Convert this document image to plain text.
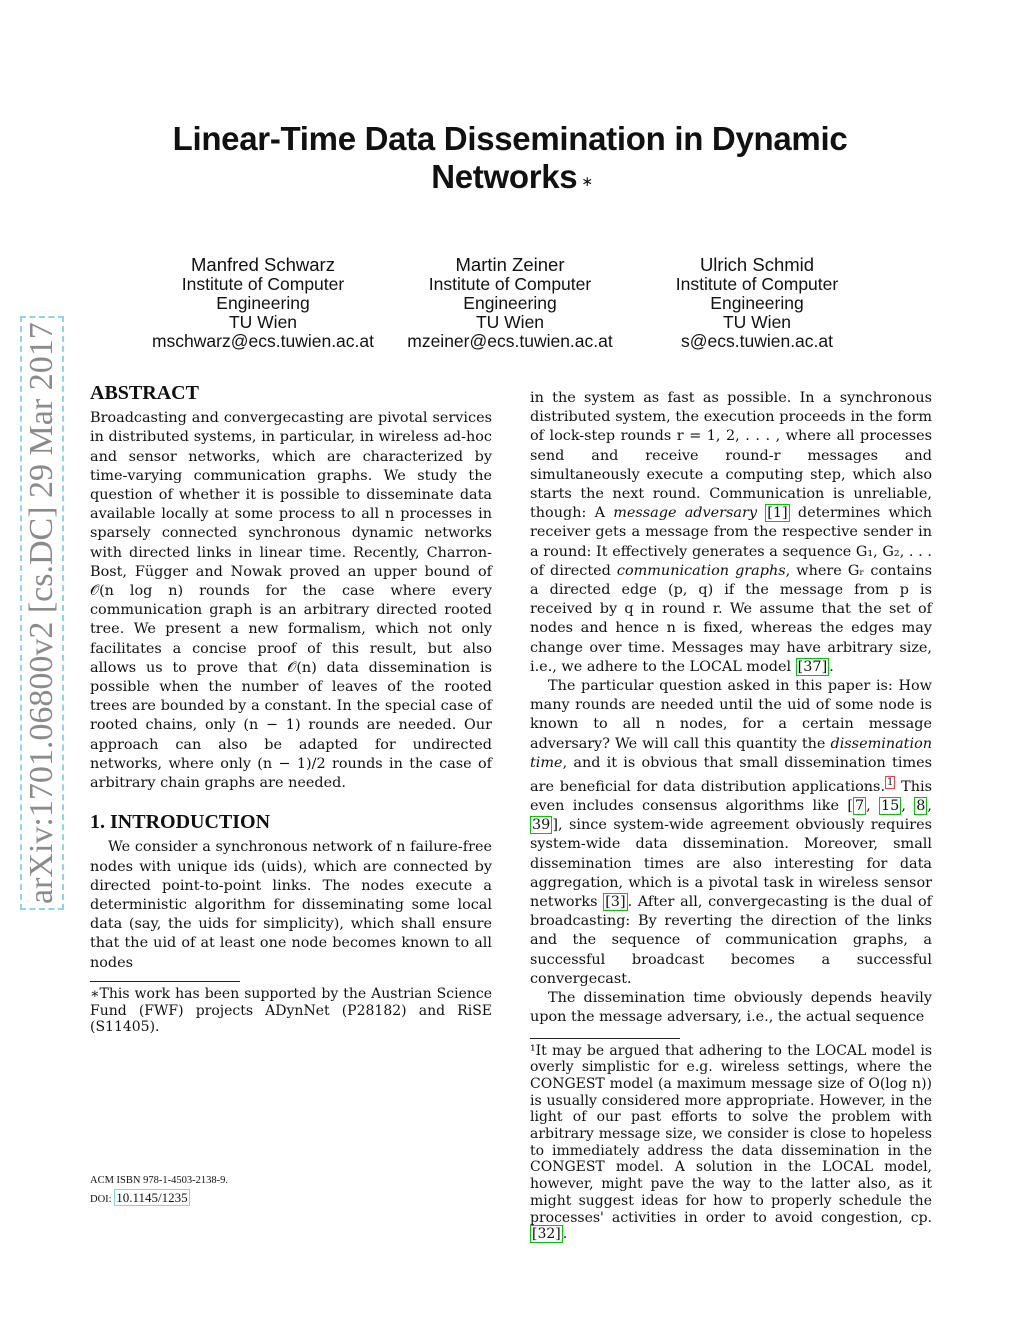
Linear-Time Data Dissemination in Dynamic
Networks ∗
Manfred Schwarz
Institute of Computer
Engineering
TU Wien
mschwarz@ecs.tuwien.ac.at
Martin Zeiner
Institute of Computer
Engineering
TU Wien
mzeiner@ecs.tuwien.ac.at
Ulrich Schmid
Institute of Computer
Engineering
TU Wien
s@ecs.tuwien.ac.at
arXiv:1701.06800v2 [cs.DC] 29 Mar 2017 ABSTRACT

Broadcasting and convergecasting are pivotal services in distributed systems, in particular, in wireless ad-hoc and sensor networks, which are characterized by time-varying communication graphs. We study the question of whether it is possible to disseminate data available locally at some process to all n processes in sparsely connected synchronous dynamic networks with directed links in linear time. Recently, Charron-Bost, Függer and Nowak proved an upper bound of 𝒪(n log n) rounds for the case where every communication graph is an arbitrary directed rooted tree. We present a new formalism, which not only facilitates a concise proof of this result, but also allows us to prove that 𝒪(n) data dissemination is possible when the number of leaves of the rooted trees are bounded by a constant. In the special case of rooted chains, only (n − 1) rounds are needed. Our approach can also be adapted for undirected networks, where only (n − 1)/2 rounds in the case of arbitrary chain graphs are needed.

1. INTRODUCTION

We consider a synchronous network of n failure-free nodes with unique ids (uids), which are connected by directed point-to-point links. The nodes execute a deterministic algorithm for disseminating some local data (say, the uids for simplicity), which shall ensure that the uid of at least one node becomes known to all nodes

∗This work has been supported by the Austrian Science Fund (FWF) projects ADynNet (P28182) and RiSE (S11405).

ACM ISBN 978-1-4503-2138-9.
DOI: 10.1145/1235

in the system as fast as possible. In a synchronous distributed system, the execution proceeds in the form of lock-step rounds r = 1, 2, . . . , where all processes send and receive round-r messages and simultaneously execute a computing step, which also starts the next round. Communication is unreliable, though: A message adversary [1] determines which receiver gets a message from the respective sender in a round: It effectively generates a sequence G₁, G₂, . . . of directed communication graphs, where Gᵣ contains a directed edge (p, q) if the message from p is received by q in round r. We assume that the set of nodes and hence n is fixed, whereas the edges may change over time. Messages may have arbitrary size, i.e., we adhere to the LOCAL model [37] .

The particular question asked in this paper is: How many rounds are needed until the uid of some node is known to all n nodes, for a certain message adversary? We will call this quantity the dissemination time, and it is obvious that small dissemination times are beneficial for data distribution applications. $^1$ This even includes consensus algorithms like [ 7 , 15 , 8 , 39 ], since system-wide agreement obviously requires system-wide data dissemination. Moreover, small dissemination times are also interesting for data aggregation, which is a pivotal task in wireless sensor networks [3] . After all, convergecasting is the dual of broadcasting: By reverting the direction of the links and the sequence of communication graphs, a successful broadcast becomes a successful convergecast.

The dissemination time obviously depends heavily upon the message adversary, i.e., the actual sequence

¹It may be argued that adhering to the LOCAL model is overly simplistic for e.g. wireless settings, where the CONGEST model (a maximum message size of O(log n)) is usually considered more appropriate. However, in the light of our past efforts to solve the problem with arbitrary message size, we consider is close to hopeless to immediately address the data dissemination in the CONGEST model. A solution in the LOCAL model, however, might pave the way to the latter also, as it might suggest ideas for how to properly schedule the processes' activities in order to avoid congestion, cp. [32] .
